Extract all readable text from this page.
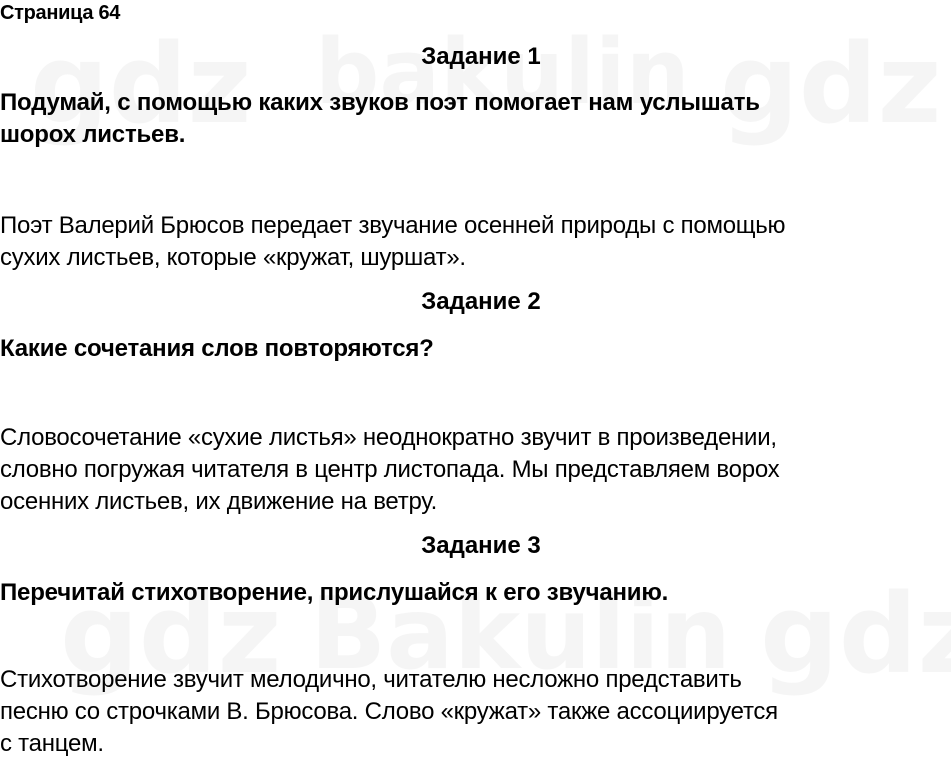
Страница 64
Задание 1
Подумай, с помощью каких звуков поэт помогает нам услышать
шорох листьев.
Поэт Валерий Брюсов передает звучание осенней природы с помощью
сухих листьев, которые «кружат, шуршат».
Задание 2
Какие сочетания слов повторяются?
Словосочетание «сухие листья» неоднократно звучит в произведении,
словно погружая читателя в центр листопада. Мы представляем ворох
осенних листьев, их движение на ветру.
Задание 3
Перечитай стихотворение, прислушайся к его звучанию.
Стихотворение звучит мелодично, читателю несложно представить
песню со строчками В. Брюсова. Слово «кружат» также ассоциируется
с танцем.
